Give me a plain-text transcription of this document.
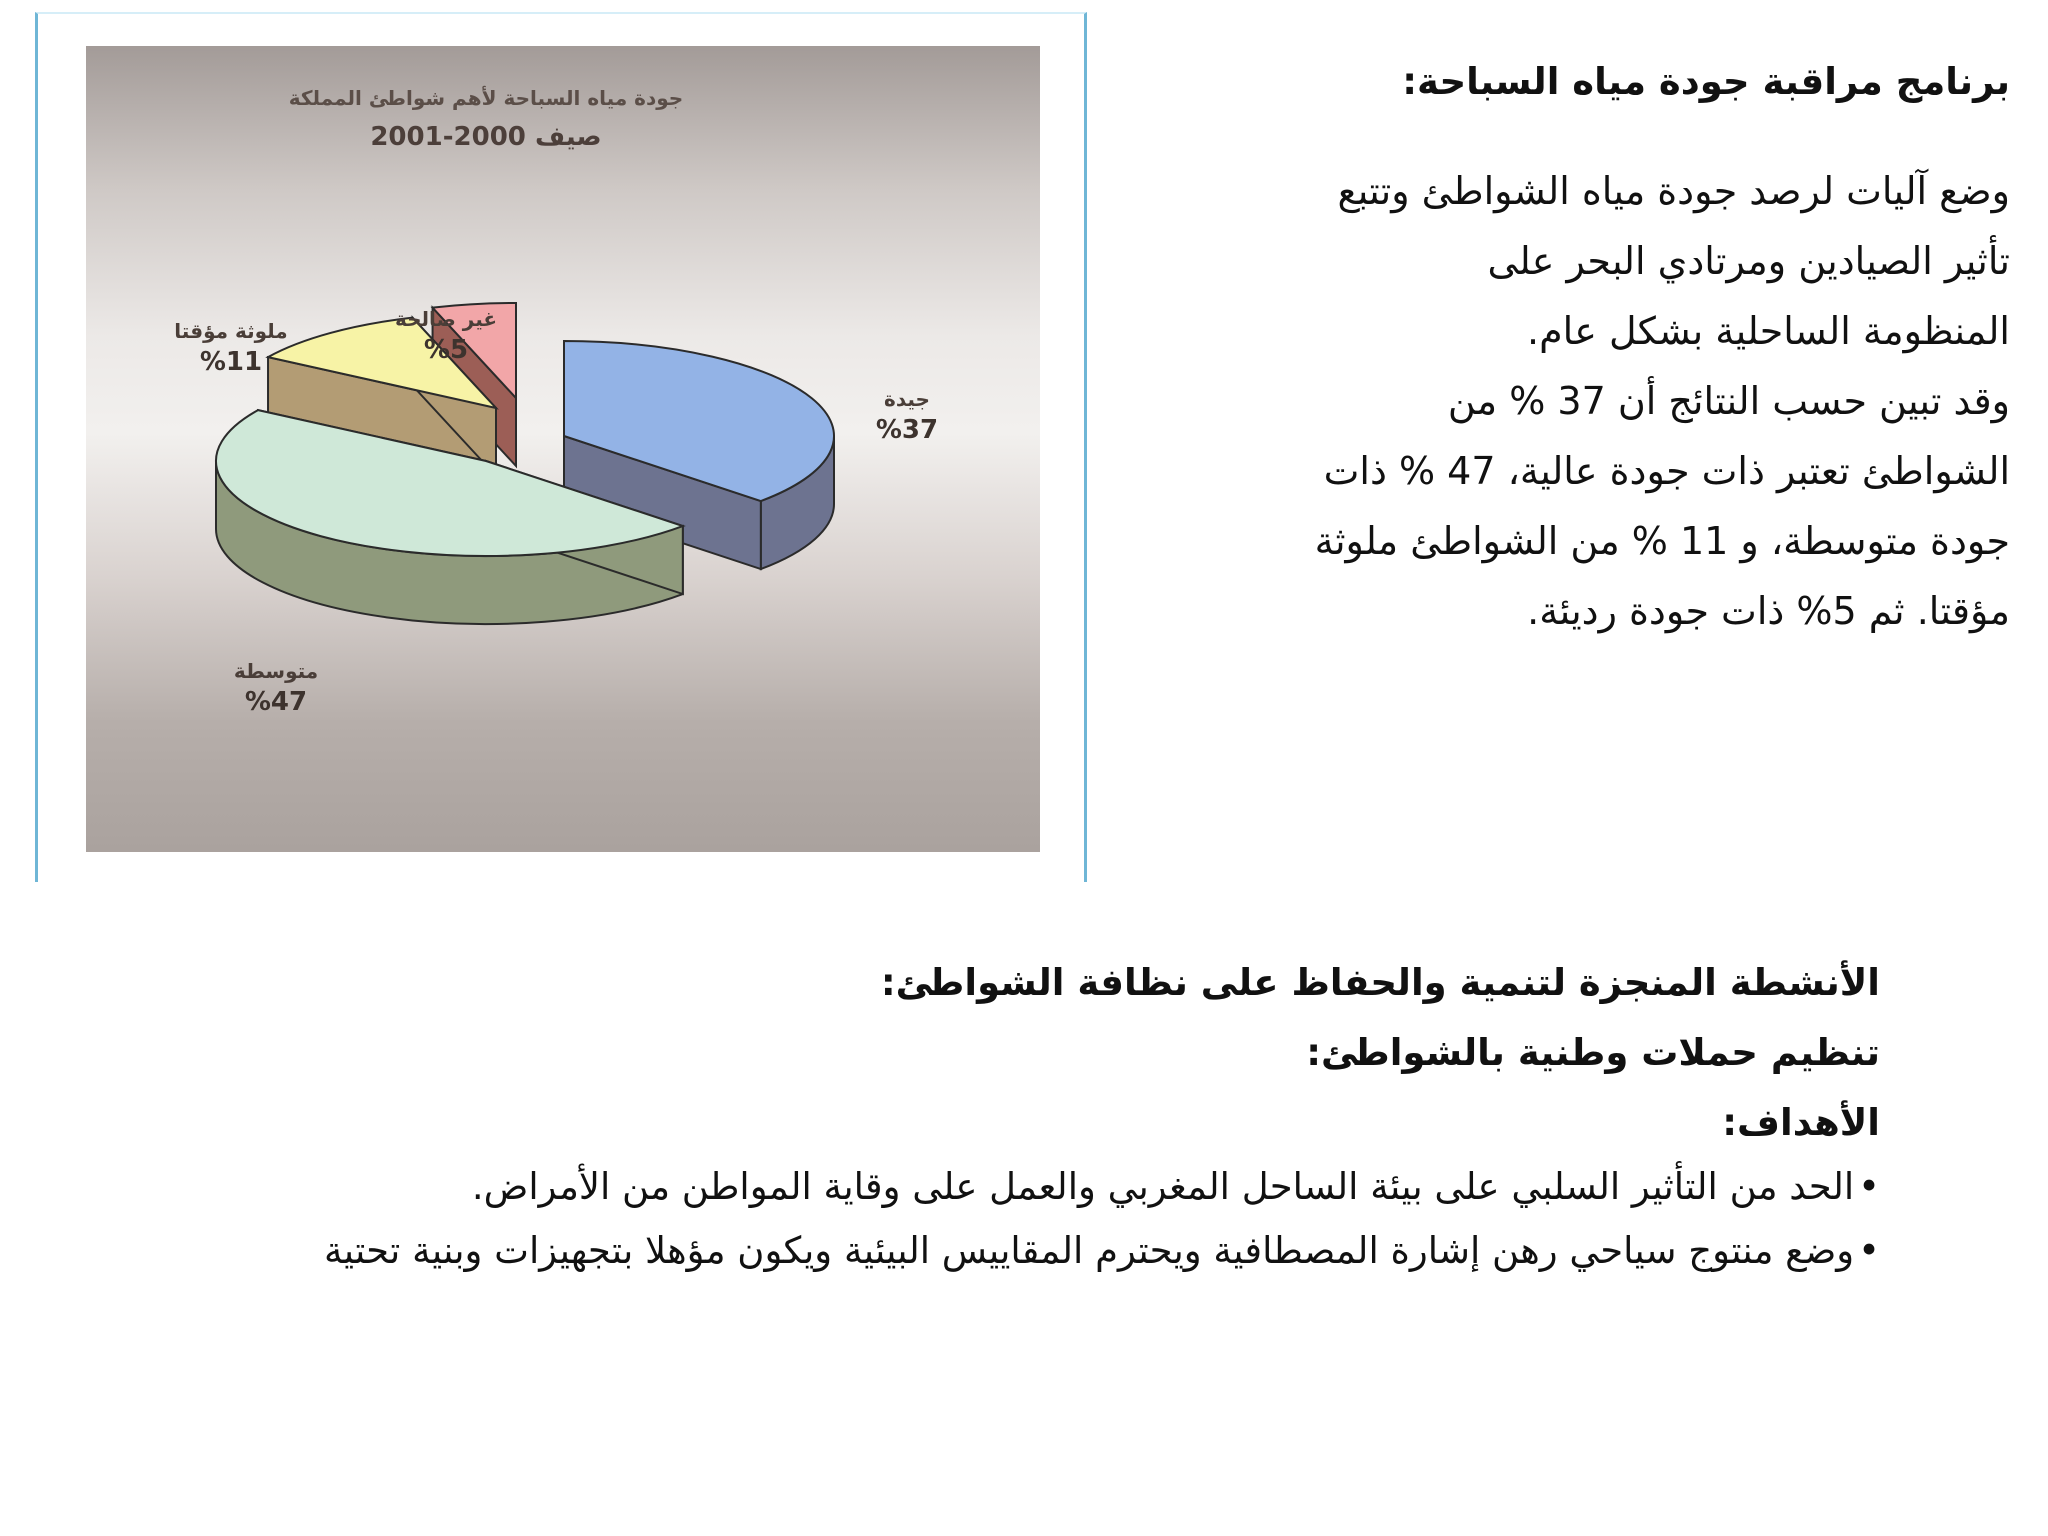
جودة مياه السباحة لأهم شواطئ المملكة
صيف 2000-2001
جيدة
%37
متوسطة
%47
ملوثة مؤقتا
%11
غير صالحة
%5
برنامج مراقبة جودة مياه السباحة:

وضع آليات لرصد جودة مياه الشواطئ وتتبع
تأثير الصيادين ومرتادي البحر على
المنظومة الساحلية بشكل عام.
وقد تبين حسب النتائج أن 37 % من
الشواطئ تعتبر ذات جودة عالية، 47 % ذات
جودة متوسطة، و 11 % من الشواطئ ملوثة
مؤقتا. ثم 5% ذات جودة رديئة.

الأنشطة المنجزة لتنمية والحفاظ على نظافة الشواطئ:

تنظيم حملات وطنية بالشواطئ:

الأهداف:

•الحد من التأثير السلبي على بيئة الساحل المغربي والعمل على وقاية المواطن من الأمراض.
•وضع منتوج سياحي رهن إشارة المصطافية ويحترم المقاييس البيئية ويكون مؤهلا بتجهيزات وبنية تحتية
